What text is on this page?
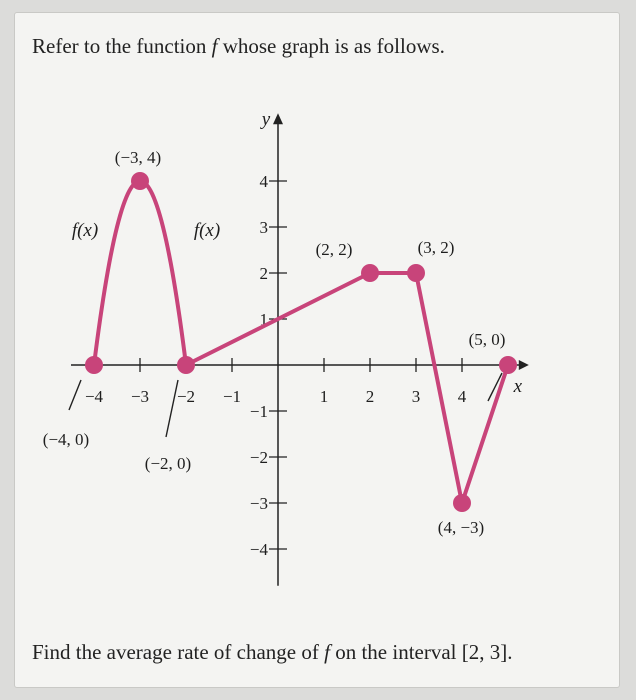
Refer to the function f whose graph is as follows.
−4 −3 −2 −1	1 2 3 4
−4
−3
−2
−1
1
2
3
4
x
y
(−4, 0)
(−3, 4)
(−2, 0)
(2, 2)	(3, 2)
(4, −3)
(5, 0)
f(x)	f(x)
Find the average rate of change of f on the interval [2, 3].
